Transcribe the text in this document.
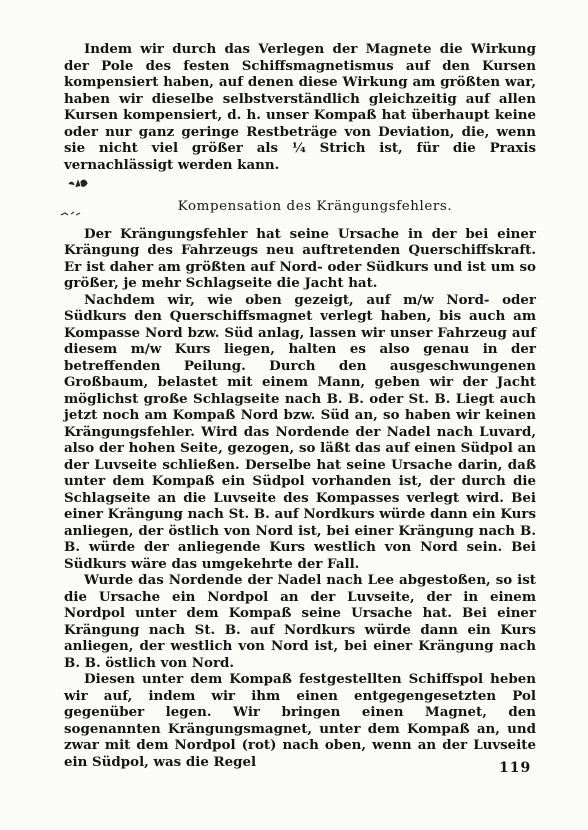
Indem wir durch das Verlegen der Magnete die Wirkung der Pole des festen Schiffsmagnetismus auf den Kursen kompensiert haben, auf denen diese Wirkung am größten war, haben wir dieselbe selbstverständlich gleichzeitig auf allen Kursen kompensiert, d. h. unser Kompaß hat überhaupt keine oder nur ganz geringe Restbeträge von Deviation, die, wenn sie nicht viel größer als ¼ Strich ist, für die Praxis vernachlässigt werden kann.

Kompensation des Krängungsfehlers.

Der Krängungsfehler hat seine Ursache in der bei einer Krängung des Fahrzeugs neu auftretenden Querschiffskraft. Er ist daher am größten auf Nord- oder Südkurs und ist um so größer, je mehr Schlagseite die Jacht hat.

Nachdem wir, wie oben gezeigt, auf m/w Nord- oder Südkurs den Querschiffsmagnet verlegt haben, bis auch am Kompasse Nord bzw. Süd anlag, lassen wir unser Fahrzeug auf diesem m/w Kurs liegen, halten es also genau in der betreffenden Peilung. Durch den ausgeschwungenen Großbaum, belastet mit einem Mann, geben wir der Jacht möglichst große Schlagseite nach B. B. oder St. B. Liegt auch jetzt noch am Kompaß Nord bzw. Süd an, so haben wir keinen Krängungsfehler. Wird das Nordende der Nadel nach Luvard, also der hohen Seite, gezogen, so läßt das auf einen Südpol an der Luvseite schließen. Derselbe hat seine Ursache darin, daß unter dem Kompaß ein Südpol vorhanden ist, der durch die Schlagseite an die Luvseite des Kompasses verlegt wird. Bei einer Krängung nach St. B. auf Nordkurs würde dann ein Kurs anliegen, der östlich von Nord ist, bei einer Krängung nach B. B. würde der anliegende Kurs westlich von Nord sein. Bei Südkurs wäre das umgekehrte der Fall.

Wurde das Nordende der Nadel nach Lee abgestoßen, so ist die Ursache ein Nordpol an der Luvseite, der in einem Nordpol unter dem Kompaß seine Ursache hat. Bei einer Krängung nach St. B. auf Nordkurs würde dann ein Kurs anliegen, der westlich von Nord ist, bei einer Krängung nach B. B. östlich von Nord.

Diesen unter dem Kompaß festgestellten Schiffspol heben wir auf, indem wir ihm einen entgegengesetzten Pol gegenüber legen. Wir bringen einen Magnet, den sogenannten Krängungsmagnet, unter dem Kompaß an, und zwar mit dem Nordpol (rot) nach oben, wenn an der Luvseite ein Südpol, was die Regel	119
